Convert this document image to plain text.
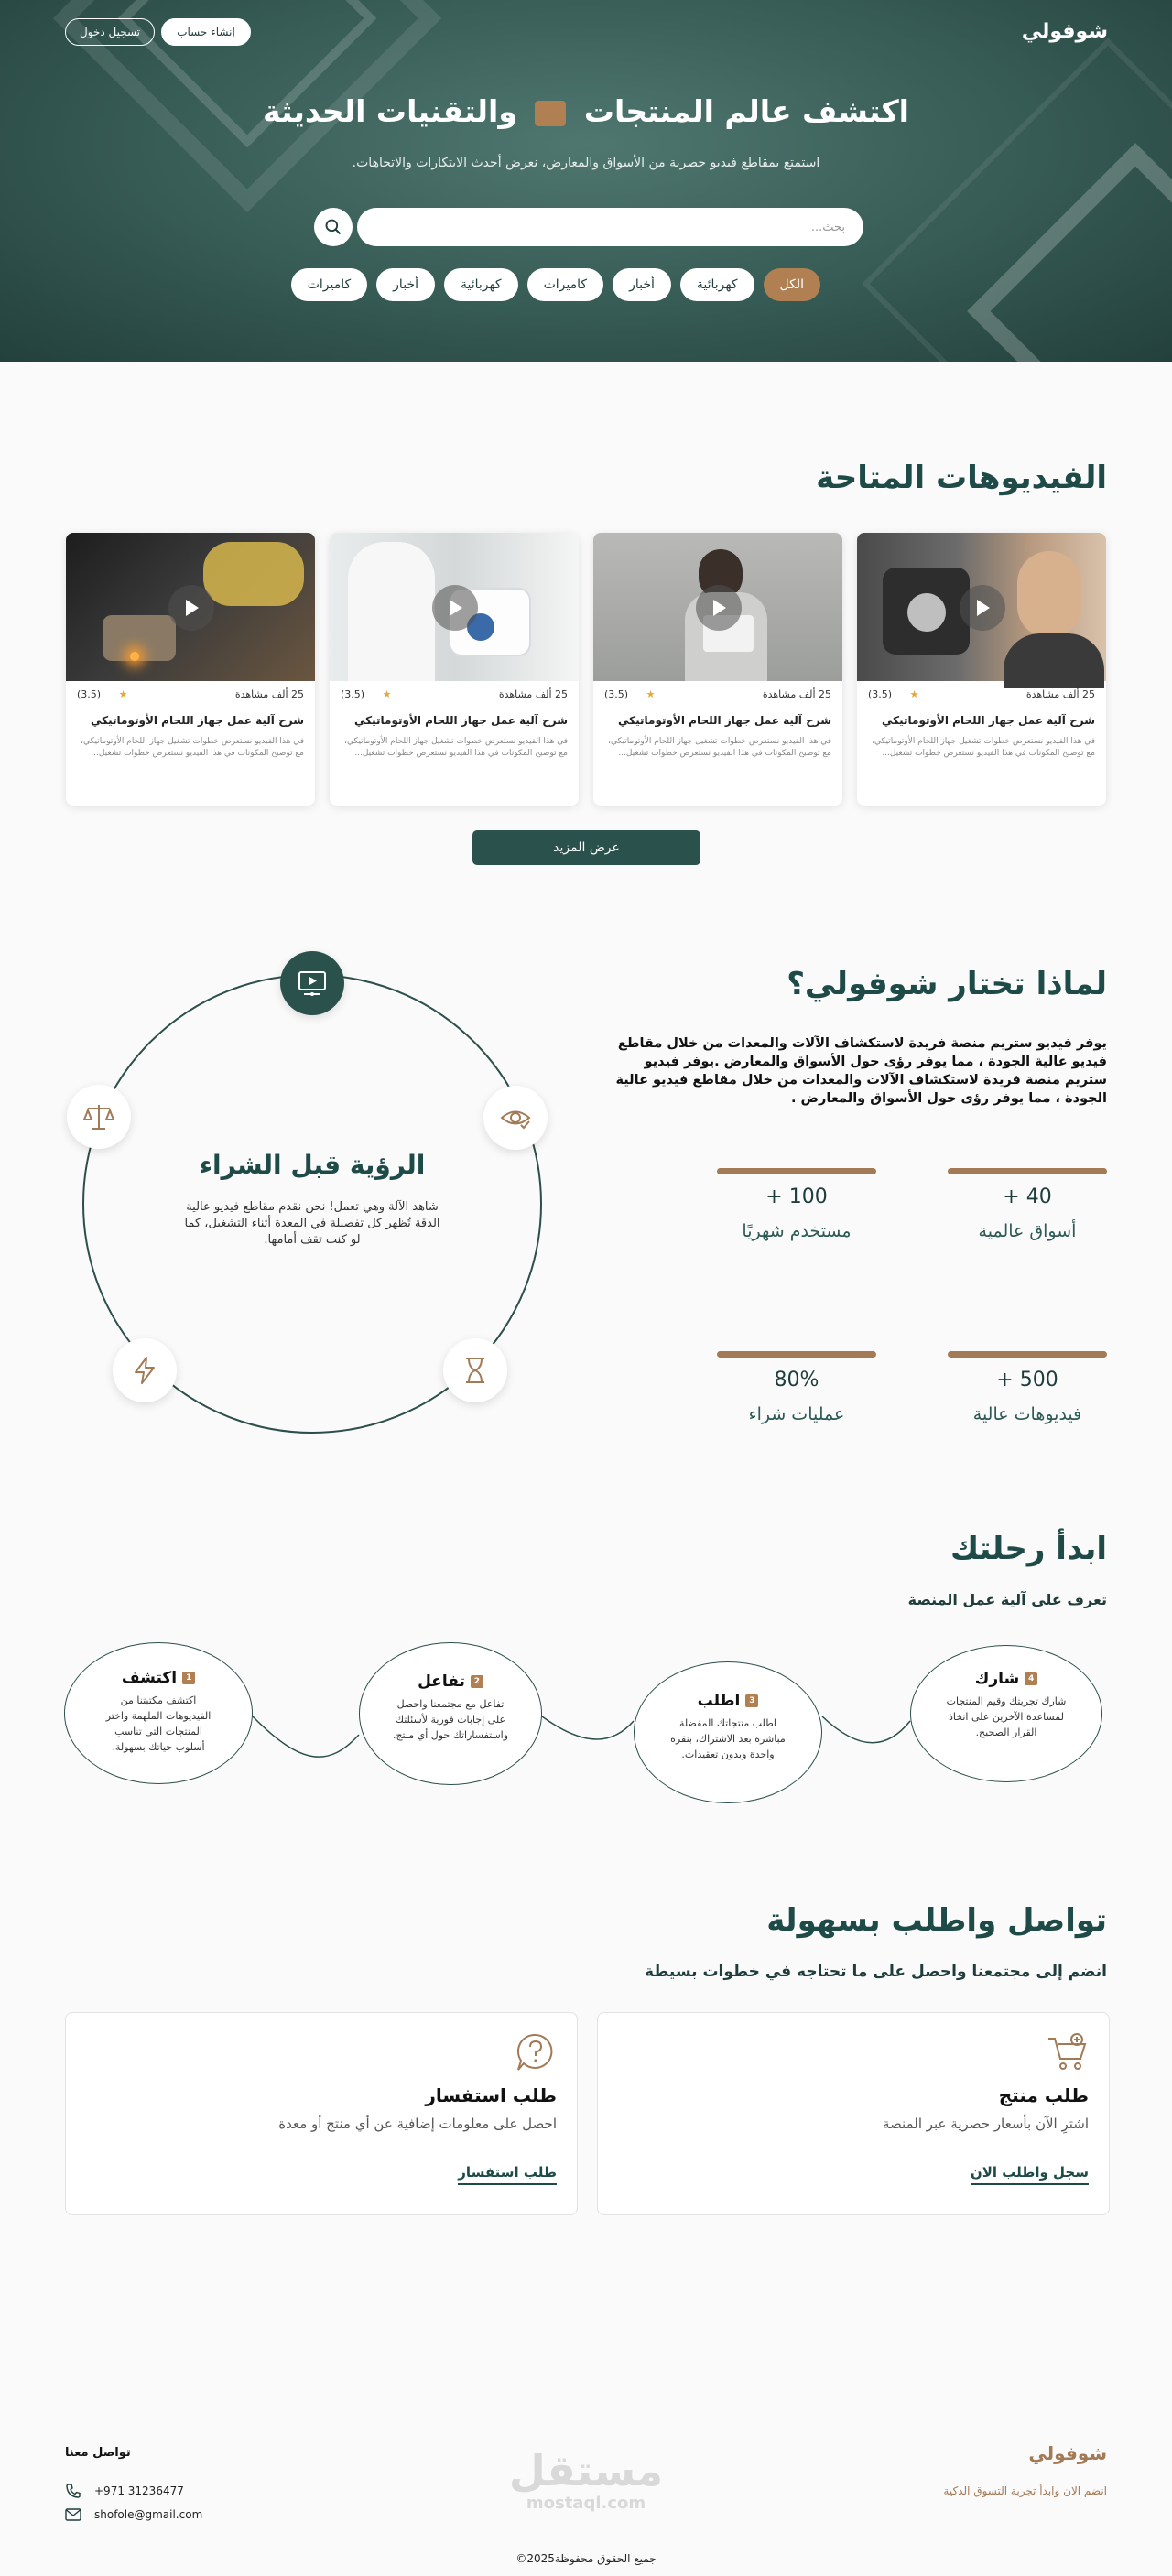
شوفولي
إنشاء حساب
تسجيل دخول
اكتشف عالم المنتجات  والتقنيات الحديثة
استمتع بمقاطع فيديو حصرية من الأسواق والمعارض، نعرض أحدث الابتكارات والاتجاهات.
بحث...
الكل
كهربائية
أخبار
كاميرات
كهربائية
أخبار
كاميرات
الفيديوهات المتاحة
25 ألف مشاهدة
★ (3.5)
شرح آلية عمل جهاز اللحام الأوتوماتيكي
في هذا الفيديو نستعرض خطوات تشغيل جهاز اللحام الأوتوماتيكي، مع توضيح المكونات في هذا الفيديو نستعرض خطوات تشغيل...
25 ألف مشاهدة
★ (3.5)
شرح آلية عمل جهاز اللحام الأوتوماتيكي
في هذا الفيديو نستعرض خطوات تشغيل جهاز اللحام الأوتوماتيكي، مع توضيح المكونات في هذا الفيديو نستعرض خطوات تشغيل...
25 ألف مشاهدة
★ (3.5)
شرح آلية عمل جهاز اللحام الأوتوماتيكي
في هذا الفيديو نستعرض خطوات تشغيل جهاز اللحام الأوتوماتيكي، مع توضيح المكونات في هذا الفيديو نستعرض خطوات تشغيل...
25 ألف مشاهدة
★ (3.5)
شرح آلية عمل جهاز اللحام الأوتوماتيكي
في هذا الفيديو نستعرض خطوات تشغيل جهاز اللحام الأوتوماتيكي، مع توضيح المكونات في هذا الفيديو نستعرض خطوات تشغيل...
عرض المزيد
لماذا تختار شوفولي؟
الرؤية قبل الشراء
شاهد الآلة وهي تعمل! نحن نقدم مقاطع فيديو عالية الدقة تُظهر كل تفصيلة في المعدة أثناء التشغيل، كما لو كنت تقف أمامها.
يوفر فيديو ستريم منصة فريدة لاستكشاف الآلات والمعدات من خلال مقاطع فيديو عالية الجودة ، مما يوفر رؤى حول الأسواق والمعارض .يوفر فيديو ستريم منصة فريدة لاستكشاف الآلات والمعدات من خلال مقاطع فيديو عالية الجودة ، مما يوفر رؤى حول الأسواق والمعارض .
40 +
أسواق عالمية
100 +
مستخدم شهريًا
500 +
فيديوهات عالية
80%
عمليات شراء
ابدأ رحلتك
تعرف على آلية عمل المنصة
4
شارك
شارك تجربتك وقيم المنتجات لمساعدة الآخرين على اتخاذ القرار الصحيح.
3
اطلب
اطلب منتجاتك المفضلة مباشرة بعد الاشتراك، بنقرة واحدة وبدون تعقيدات.
2
تفاعل
تفاعل مع مجتمعنا واحصل على إجابات فورية لأسئلتك واستفساراتك حول أي منتج.
1
اكتشف
اكتشف مكتبتنا من الفيديوهات الملهمة واختر المنتجات التي تناسب أسلوب حياتك بسهولة.
تواصل واطلب بسهولة
انضم إلى مجتمعنا واحصل على ما تحتاجه في خطوات بسيطة
طلب منتج
اشترِ الآن بأسعار حصرية عبر المنصة
سجل واطلب الان
طلب استفسار
احصل على معلومات إضافية عن أي منتج أو معدة
طلب استفسار
شوفولي
انضم الان وابدأ تجربة التسوق الذكية
مستقل
mostaql.com
تواصل معنا
+971 31236477
shofole@gmail.com
جميع الحقوق محفوظة2025©
